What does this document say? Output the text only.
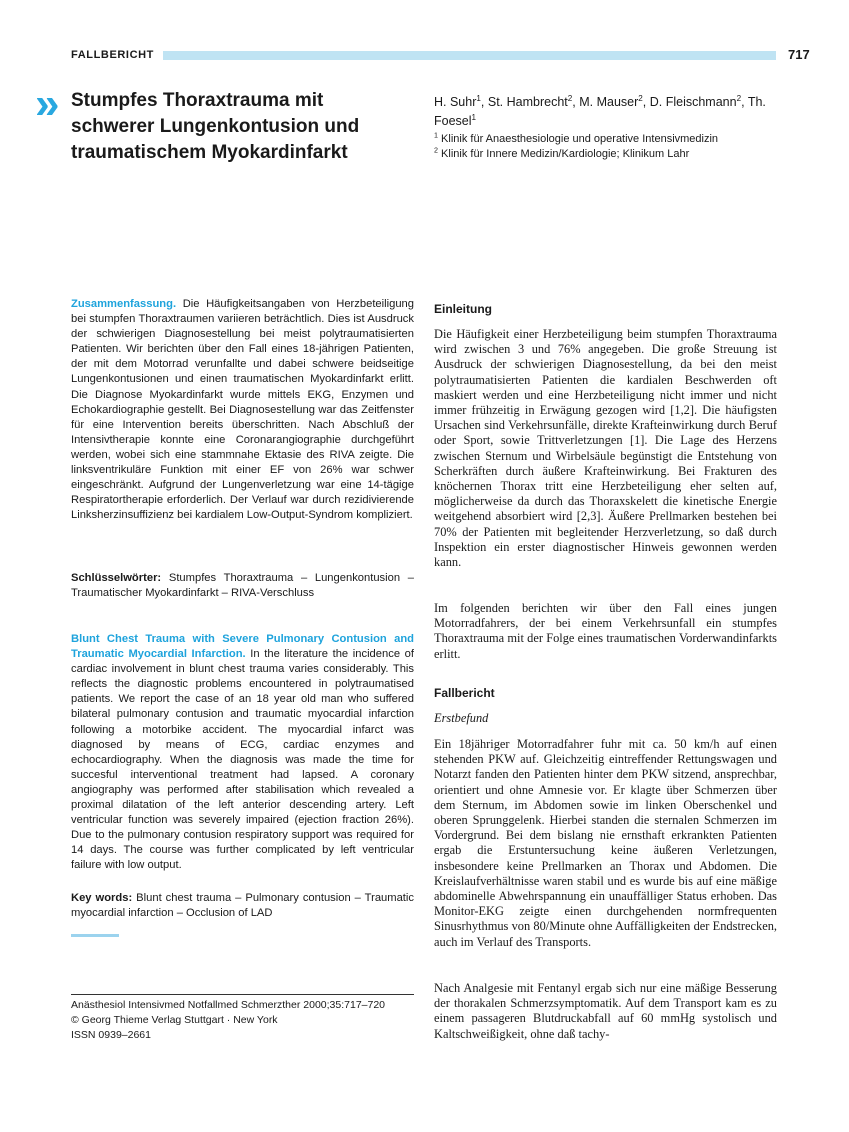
FALLBERICHT	717
» Stumpfes Thoraxtrauma mit schwerer Lungenkontusion und traumatischem Myokardinfarkt
H. Suhr$^1$, St. Hambrecht$^2$, M. Mauser$^2$, D. Fleischmann$^2$, Th. Foesel$^1$
$^1$ Klinik für Anaesthesiologie und operative Intensivmedizin
$^2$ Klinik für Innere Medizin/Kardiologie; Klinikum Lahr
Zusammenfassung. Die Häufigkeitsangaben von Herzbeteiligung bei stumpfen Thoraxtraumen variieren beträchtlich. Dies ist Ausdruck der schwierigen Diagnosestellung bei meist polytraumatisierten Patienten. Wir berichten über den Fall eines 18-jährigen Patienten, der mit dem Motorrad verunfallte und dabei schwere beidseitige Lungenkontusionen und einen traumatischen Myokardinfarkt erlitt. Die Diagnose Myokardinfarkt wurde mittels EKG, Enzymen und Echokardiographie gestellt. Bei Diagnosestellung war das Zeitfenster für eine Intervention bereits überschritten. Nach Abschluß der Intensivtherapie konnte eine Coronarangiographie durchgeführt werden, wobei sich eine stammnahe Ektasie des RIVA zeigte. Die linksventrikuläre Funktion mit einer EF von 26% war schwer eingeschränkt. Aufgrund der Lungenverletzung war eine 14-tägige Respiratortherapie erforderlich. Der Verlauf war durch rezidivierende Linksherzinsuffizienz bei kardialem Low-Output-Syndrom kompliziert.
Schlüsselwörter: Stumpfes Thoraxtrauma – Lungenkontusion – Traumatischer Myokardinfarkt – RIVA-Verschluss
Blunt Chest Trauma with Severe Pulmonary Contusion and Traumatic Myocardial Infarction. In the literature the incidence of cardiac involvement in blunt chest trauma varies considerably. This reflects the diagnostic problems encountered in polytraumatised patients. We report the case of an 18 year old man who suffered bilateral pulmonary contusion and traumatic myocardial infarction following a motorbike accident. The myocardial infarct was diagnosed by means of ECG, cardiac enzymes and echocardiography. When the diagnosis was made the time for succesful interventional treatment had lapsed. A coronary angiography was performed after stabilisation which revealed a proximal dilatation of the left anterior descending artery. Left ventricular function was severely impaired (ejection fraction 26%). Due to the pulmonary contusion respiratory support was required for 14 days. The course was further complicated by left ventricular failure with low output.
Key words: Blunt chest trauma – Pulmonary contusion – Traumatic myocardial infarction – Occlusion of LAD
Anästhesiol Intensivmed Notfallmed Schmerzther 2000;35:717–720
© Georg Thieme Verlag Stuttgart · New York
ISSN 0939–2661
Einleitung
Die Häufigkeit einer Herzbeteiligung beim stumpfen Thoraxtrauma wird zwischen 3 und 76% angegeben. Die große Streuung ist Ausdruck der schwierigen Diagnosestellung, da bei den meist polytraumatisierten Patienten die kardialen Beschwerden oft maskiert werden und eine Herzbeteiligung nicht immer und nicht immer frühzeitig in Erwägung gezogen wird [1,2]. Die häufigsten Ursachen sind Verkehrsunfälle, direkte Krafteinwirkung durch Beruf oder Sport, sowie Trittverletzungen [1]. Die Lage des Herzens zwischen Sternum und Wirbelsäule begünstigt die Entstehung von Scherkräften durch äußere Krafteinwirkung. Bei Frakturen des knöchernen Thorax tritt eine Herzbeteiligung eher selten auf, möglicherweise da durch das Thoraxskelett die kinetische Energie weitgehend absorbiert wird [2,3]. Äußere Prellmarken bestehen bei 70% der Patienten mit begleitender Herzverletzung, so daß durch Inspektion ein erster diagnostischer Hinweis gewonnen werden kann.
Im folgenden berichten wir über den Fall eines jungen Motorradfahrers, der bei einem Verkehrsunfall ein stumpfes Thoraxtrauma mit der Folge eines traumatischen Vorderwandinfarkts erlitt.
Fallbericht
Erstbefund
Ein 18jähriger Motorradfahrer fuhr mit ca. 50 km/h auf einen stehenden PKW auf. Gleichzeitig eintreffender Rettungswagen und Notarzt fanden den Patienten hinter dem PKW sitzend, ansprechbar, orientiert und ohne Amnesie vor. Er klagte über Schmerzen über dem Sternum, im Abdomen sowie im linken Oberschenkel und oberen Sprunggelenk. Hierbei standen die sternalen Schmerzen im Vordergrund. Bei dem bislang nie ernsthaft erkrankten Patienten ergab die Erstuntersuchung keine äußeren Verletzungen, insbesondere keine Prellmarken an Thorax und Abdomen. Die Kreislaufverhältnisse waren stabil und es wurde bis auf eine mäßige abdominelle Abwehrspannung ein unauffälliger Status erhoben. Das Monitor-EKG zeigte einen durchgehenden normfrequenten Sinusrhythmus von 80/Minute ohne Auffälligkeiten der Endstrecken, auch im Verlauf des Transports.
Nach Analgesie mit Fentanyl ergab sich nur eine mäßige Besserung der thorakalen Schmerzsymptomatik. Auf dem Transport kam es zu einem passageren Blutdruckabfall auf 60 mmHg systolisch und Kaltschweißigkeit, ohne daß tachy-
